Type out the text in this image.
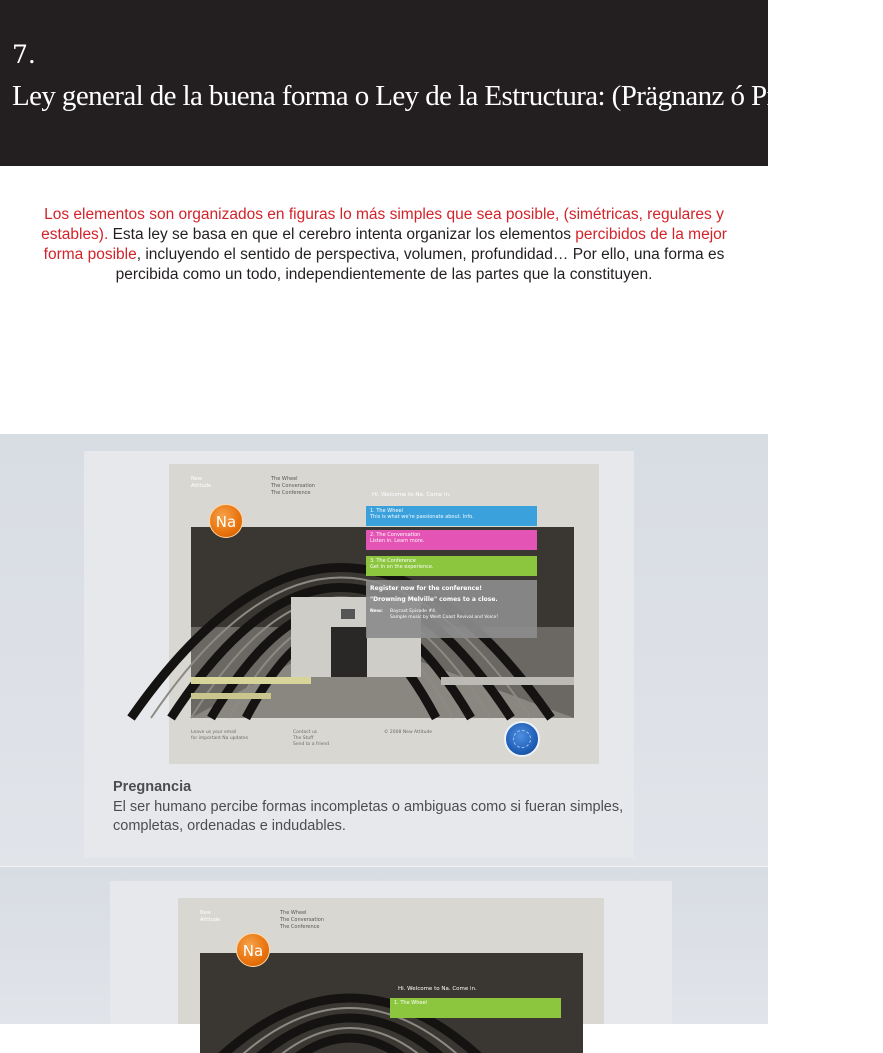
7.
Ley general de la buena forma o Ley de la Estructura: (Prägnanz ó Pregnancia)
Los elementos son organizados en figuras lo más simples que sea posible, (simétricas, regulares y estables). Esta ley se basa en que el cerebro intenta organizar los elementos percibidos de la mejor forma posible, incluyendo el sentido de perspectiva, volumen, profundidad… Por ello, una forma es percibida como un todo, independientemente de las partes que la constituyen.
New
Attitude
The Wheel
The Conversation
The Conference
Na
Hi. Welcome to Na. Come in.
1. The Wheel
This is what we're passionate about. Info.
2. The Conversation
Listen in. Learn more.
3. The Conference
Get in on the experience.
Register now for the conference!
"Drowning Melville" comes to a close.
New:	Baycast Episode #4.
Sample music by West Coast Revival and Voice!
Leave us your email
for important Na updates
Contact us
The Stuff
Send to a friend
© 2008 New Attitude
Pregnancia
El ser humano percibe formas incompletas o ambiguas como si fueran simples, completas, ordenadas e indudables.
New
Attitude
The Wheel
The Conversation
The Conference
Na
Hi. Welcome to Na. Come in.
1. The Wheel
